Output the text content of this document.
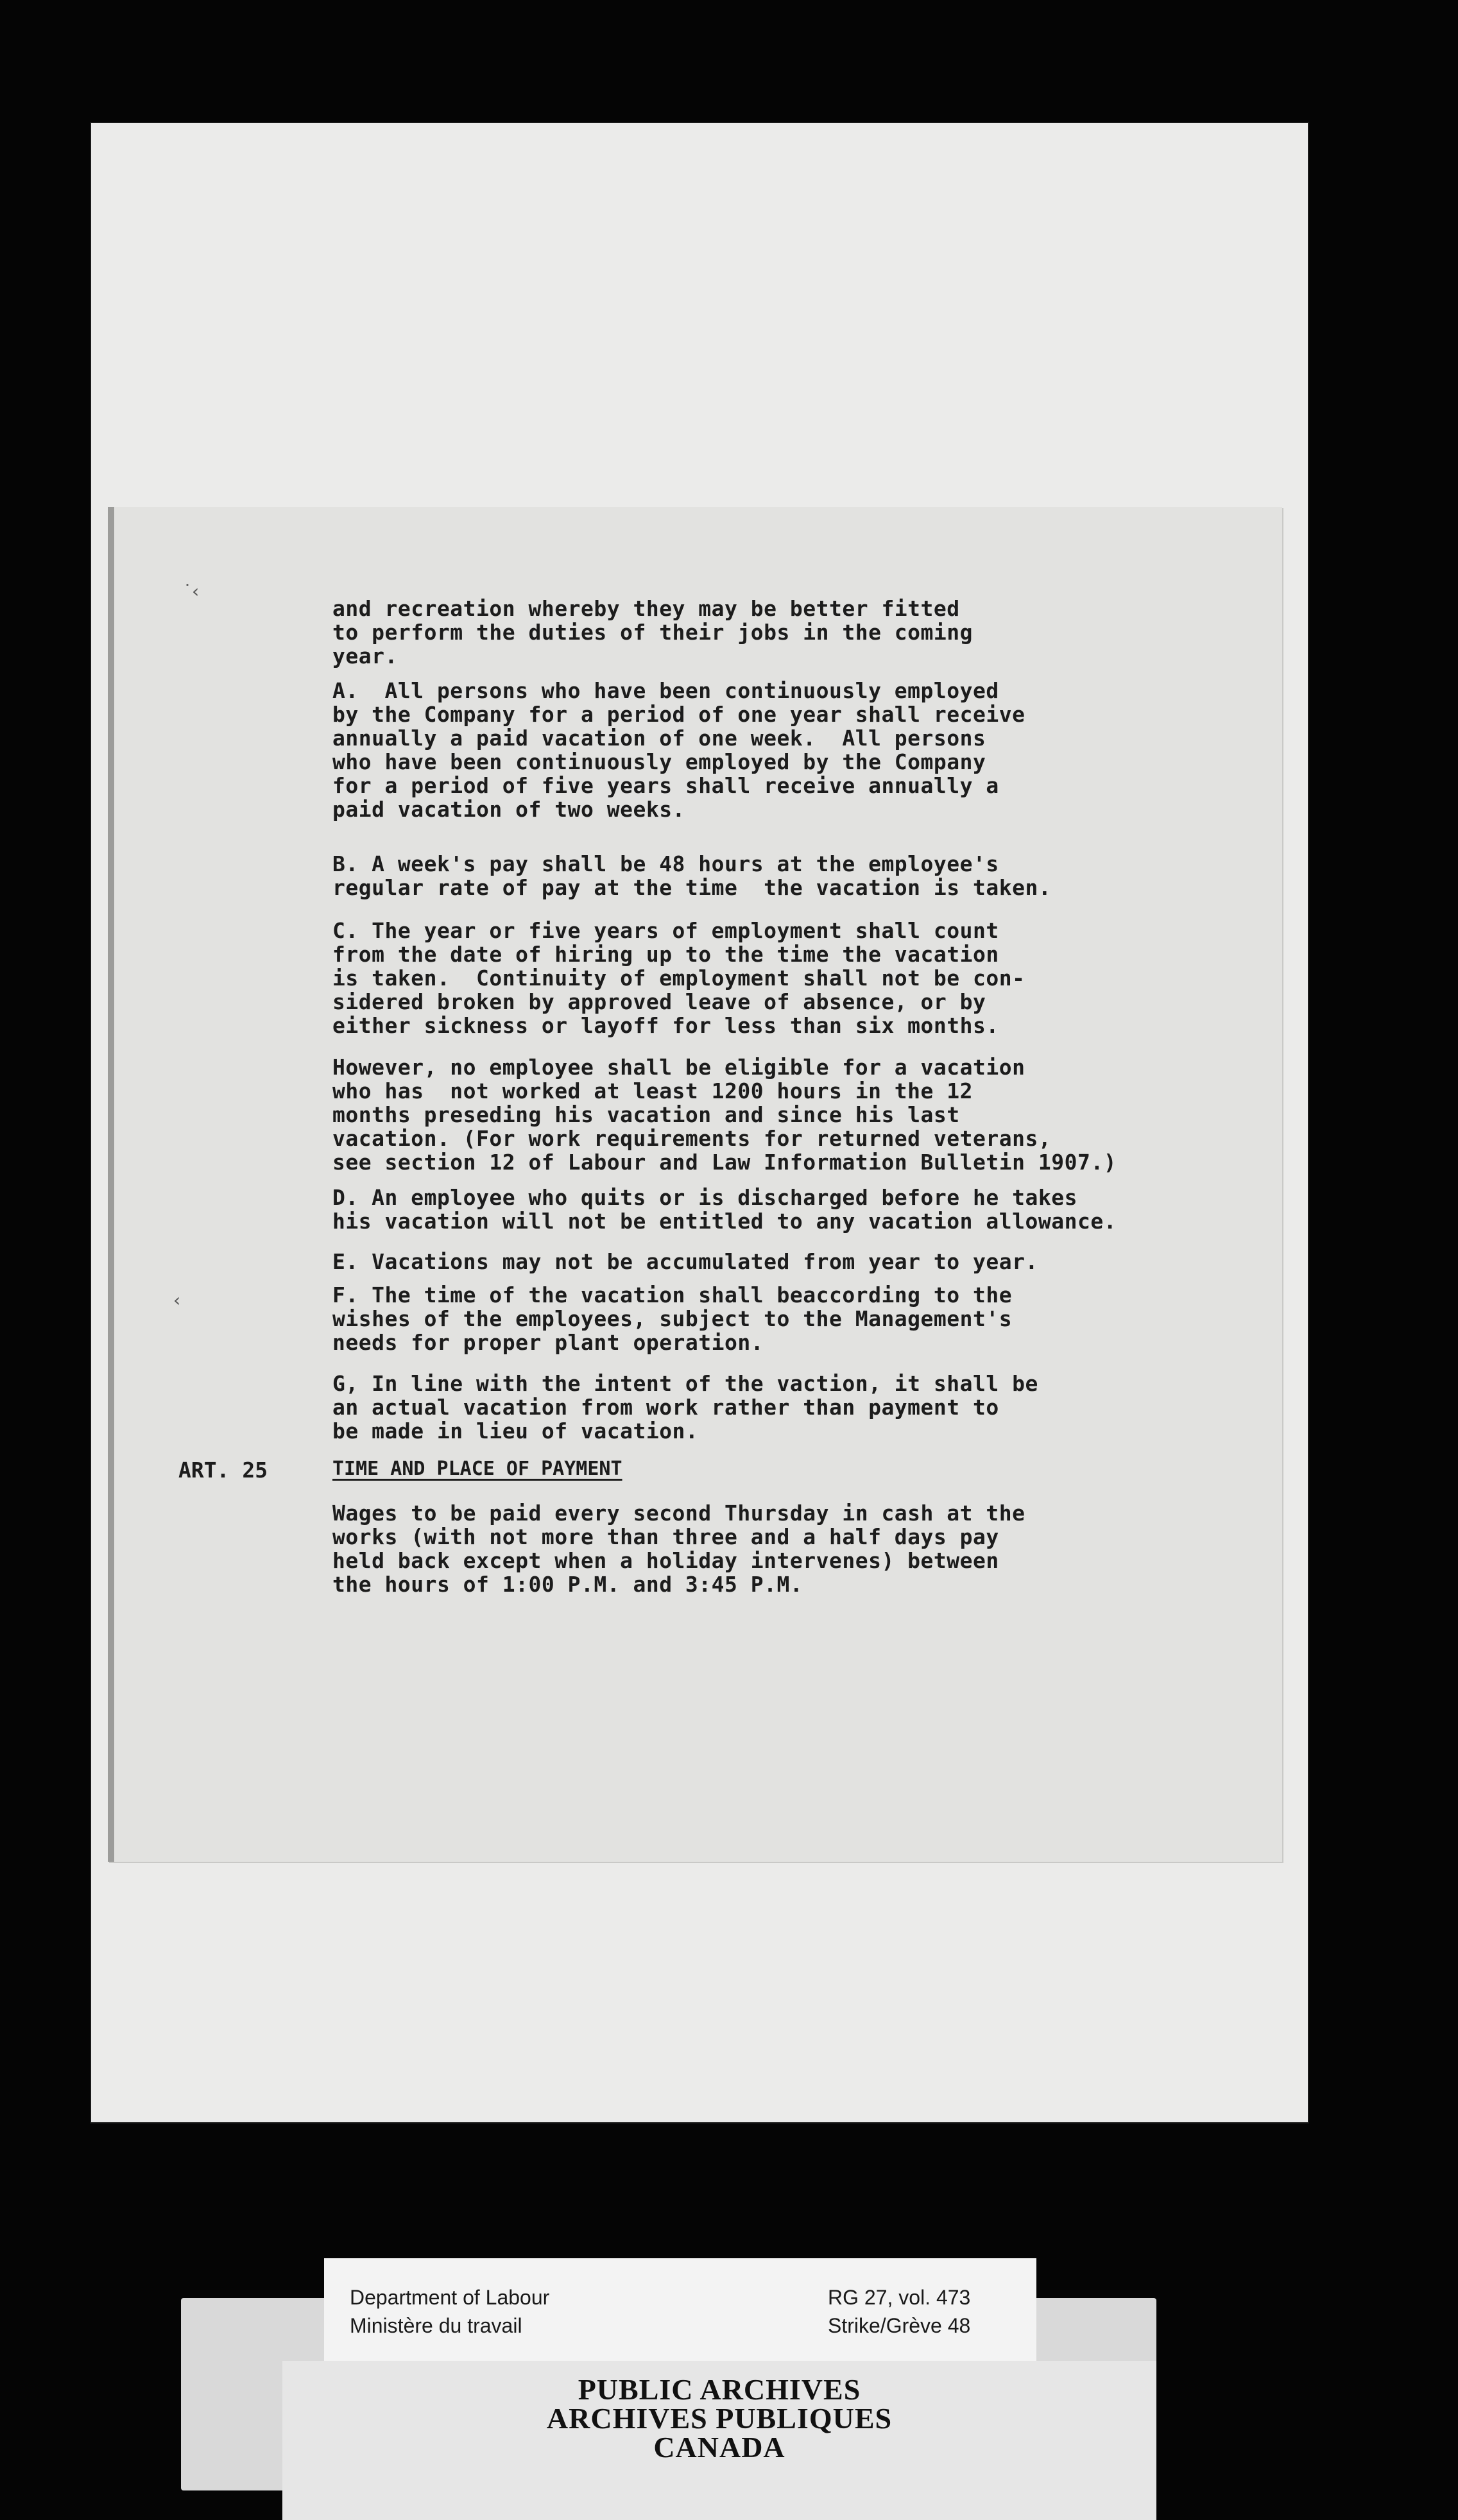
˙‹
‹
and recreation whereby they may be better fitted
to perform the duties of their jobs in the coming
year.
A.  All persons who have been continuously employed
by the Company for a period of one year shall receive
annually a paid vacation of one week.  All persons
who have been continuously employed by the Company
for a period of five years shall receive annually a
paid vacation of two weeks.
B. A week's pay shall be 48 hours at the employee's
regular rate of pay at the time  the vacation is taken.
C. The year or five years of employment shall count
from the date of hiring up to the time the vacation
is taken.  Continuity of employment shall not be con-
sidered broken by approved leave of absence, or by
either sickness or layoff for less than six months.
However, no employee shall be eligible for a vacation
who has  not worked at least 1200 hours in the 12
months preseding his vacation and since his last
vacation. (For work requirements for returned veterans,
see section 12 of Labour and Law Information Bulletin 1907.)
D. An employee who quits or is discharged before he takes
his vacation will not be entitled to any vacation allowance.
E. Vacations may not be accumulated from year to year.
F. The time of the vacation shall beaccording to the
wishes of the employees, subject to the Management's
needs for proper plant operation.
G, In line with the intent of the vaction, it shall be
an actual vacation from work rather than payment to
be made in lieu of vacation.
ART. 25	TIME AND PLACE OF PAYMENT
Wages to be paid every second Thursday in cash at the
works (with not more than three and a half days pay
held back except when a holiday intervenes) between
the hours of 1:00 P.M. and 3:45 P.M.
Department of Labour
Ministère du travail
RG 27, vol. 473
Strike/Grève 48
PUBLIC ARCHIVES
ARCHIVES PUBLIQUES
CANADA
